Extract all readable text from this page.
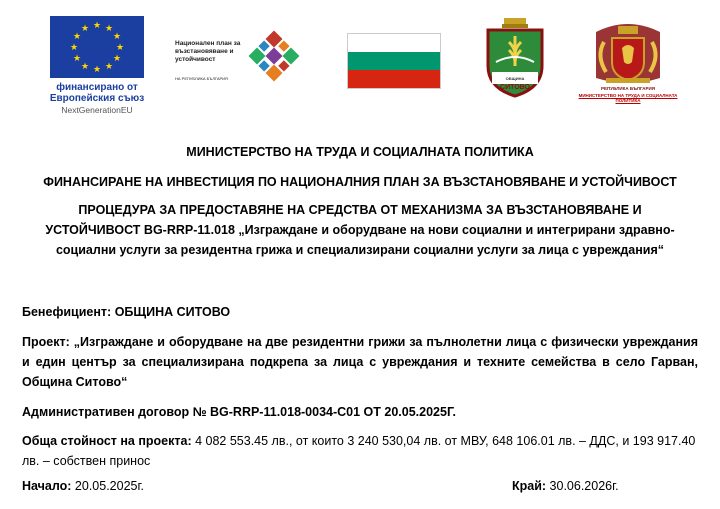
★ ★
★
★
★
★
★
★
★
★
★
★
финансирано от
Европейския съюз
NextGenerationEU
Национален план за възстановяване и устойчивост
НА РЕПУБЛИКА БЪЛГАРИЯ	ОБЩИНА
СИТОВО	РЕПУБЛИКА БЪЛГАРИЯ
МИНИСТЕРСТВО НА ТРУДА И СОЦИАЛНАТА ПОЛИТИКА
МИНИСТЕРСТВО НА ТРУДА И СОЦИАЛНАТА ПОЛИТИКА
ФИНАНСИРАНЕ НА ИНВЕСТИЦИЯ ПО НАЦИОНАЛНИЯ ПЛАН ЗА ВЪЗСТАНОВЯВАНЕ И УСТОЙЧИВОСТ
ПРОЦЕДУРА ЗА ПРЕДОСТАВЯНЕ НА СРЕДСТВА ОТ МЕХАНИЗМА ЗА ВЪЗСТАНОВЯВАНЕ И УСТОЙЧИВОСТ BG-RRP-11.018 „Изграждане и оборудване на нови социални и интегрирани здравно-социални услуги за резидентна грижа и специализирани социални услуги за лица с увреждания“
Бенефициент: ОБЩИНА СИТОВО
Проект: „Изграждане и оборудване на две резидентни грижи за пълнолетни лица с физически увреждания и един център за специализирана подкрепа за лица с увреждания и техните семейства в село Гарван, Община Ситово“
Административен договор № BG-RRP-11.018-0034-C01 ОТ 20.05.2025Г.
Обща стойност на проекта: 4 082 553.45 лв., от които 3 240 530,04 лв. от МВУ, 648 106.01 лв. – ДДС, и 193 917.40 лв. – собствен принос
Начало: 20.05.2025г.	Край: 30.06.2026г.
